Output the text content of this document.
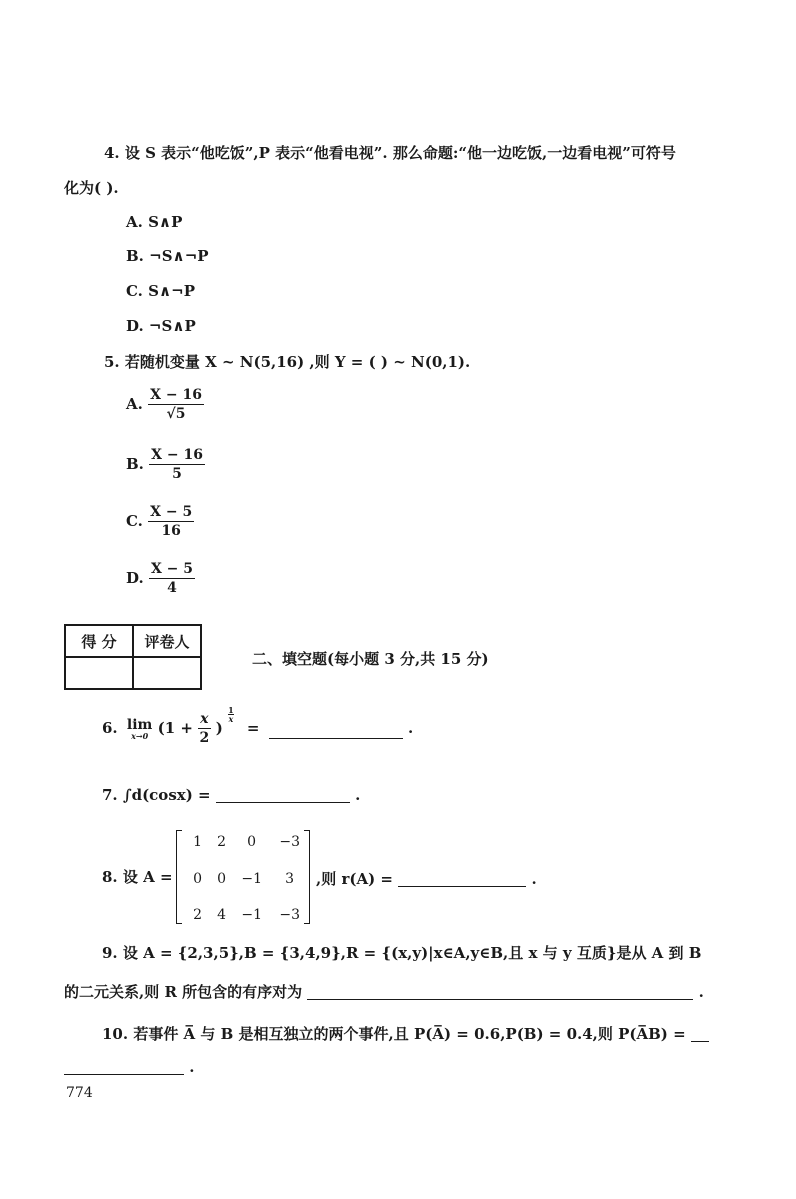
4. 设 S 表示“他吃饭”,P 表示“他看电视”. 那么命题:“他一边吃饭,一边看电视”可符号
化为( ).
A. S∧P
B. ¬S∧¬P
C. S∧¬P
D. ¬S∧P
5. 若随机变量 X ~ N(5,16) ,则 Y = ( ) ~ N(0,1).
A. $\frac{X - 16}{√5}$
B. $\frac{X - 16}{5}$
C. $\frac{X - 5}{16}$
D. $\frac{X - 5}{4}$
得 分	评卷人

二、填空题(每小题 3 分,共 15 分)
6. lim
x→0 ($1 + \frac{x}{2}$ )
$\frac{1}{x}$
=	.
7. ∫d(cosx) =	.
8. 设 A =
1	2	0	−3
0	0	−1	3
2	4	−1	−3
,则 r(A) =	.
9. 设 A = {2,3,5},B = {3,4,9},R = {(x,y)|x∈A,y∈B,且 x 与 y 互质}是从 A 到 B
的二元关系,则 R 所包含的有序对为	.
10. 若事件 A̅ 与 B 是相互独立的两个事件,且 P(A̅) = 0.6,P(B) = 0.4,则 P(A̅B) =
.
774
